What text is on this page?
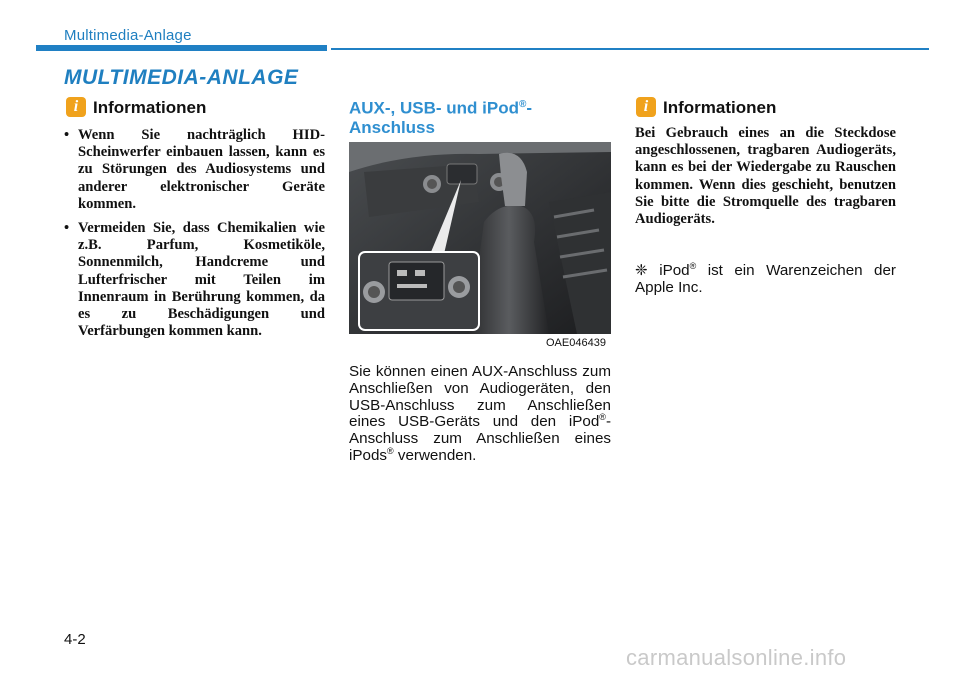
Multimedia-Anlage
MULTIMEDIA-ANLAGE
i Informationen
• Wenn Sie nachträglich HID-Scheinwerfer einbauen lassen, kann es zu Störungen des Audiosystems und anderer elektronischer Geräte kommen.
• Vermeiden Sie, dass Chemikalien wie z.B. Parfum, Kosmetiköle, Sonnenmilch, Handcreme und Lufterfrischer mit Teilen im Innenraum in Berührung kommen, da es zu Beschädigungen und Verfärbungen kommen kann.
AUX-, USB- und iPod®-Anschluss
OAE046439
Sie können einen AUX-Anschluss zum Anschließen von Audiogeräten, den USB-Anschluss zum Anschließen eines USB-Geräts und den iPod®-Anschluss zum Anschließen eines iPods® verwenden.
i Informationen
Bei Gebrauch eines an die Steckdose angeschlossenen, tragbaren Audiogeräts, kann es bei der Wiedergabe zu Rauschen kommen. Wenn dies geschieht, benutzen Sie bitte die Stromquelle des tragbaren Audiogeräts.
❈ iPod® ist ein Warenzeichen der Apple Inc.
4-2
carmanualsonline.info
